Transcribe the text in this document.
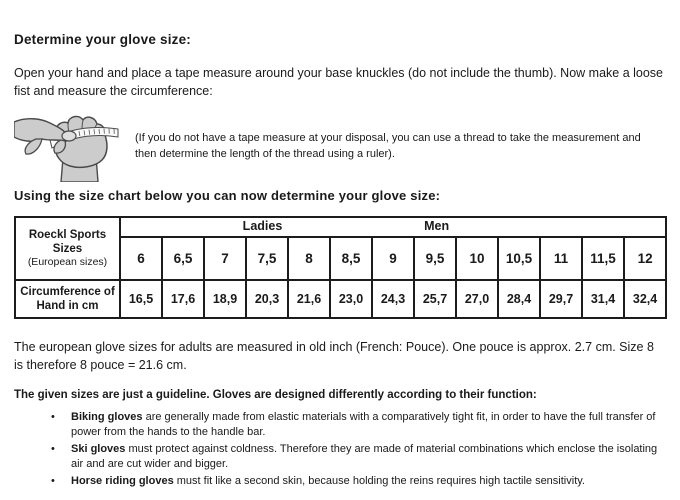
Determine your glove size:

Open your hand and place a tape measure around your base knuckles (do not include the thumb). Now make a loose fist and measure the circumference:

(If you do not have a tape measure at your disposal, you can use a thread to take the measurement and then determine the length of the thread using a ruler).

Using the size chart below you can now determine your glove size:
Roeckl Sports
Sizes
(European sizes)

Ladies	Men

	6	6,5	7	7,5	8	8,5	9	9,5	10	10,5	11	11,5	12

Circumference of
Hand in cm	16,5	17,6	18,9	20,3	21,6	23,0	24,3	25,7	27,0	28,4	29,7	31,4	32,4

The european glove sizes for adults are measured in old inch (French: Pouce). One pouce is approx. 2.7 cm. Size 8 is therefore 8 pouce = 21.6 cm.

The given sizes are just a guideline. Gloves are designed differently according to their function:

• Biking gloves are generally made from elastic materials with a comparatively tight fit, in order to have the full transfer of power from the hands to the handle bar.
• Ski gloves must protect against coldness. Therefore they are made of material combinations which enclose the isolating air and are cut wider and bigger.
• Horse riding gloves must fit like a second skin, because holding the reins requires high tactile sensitivity.
